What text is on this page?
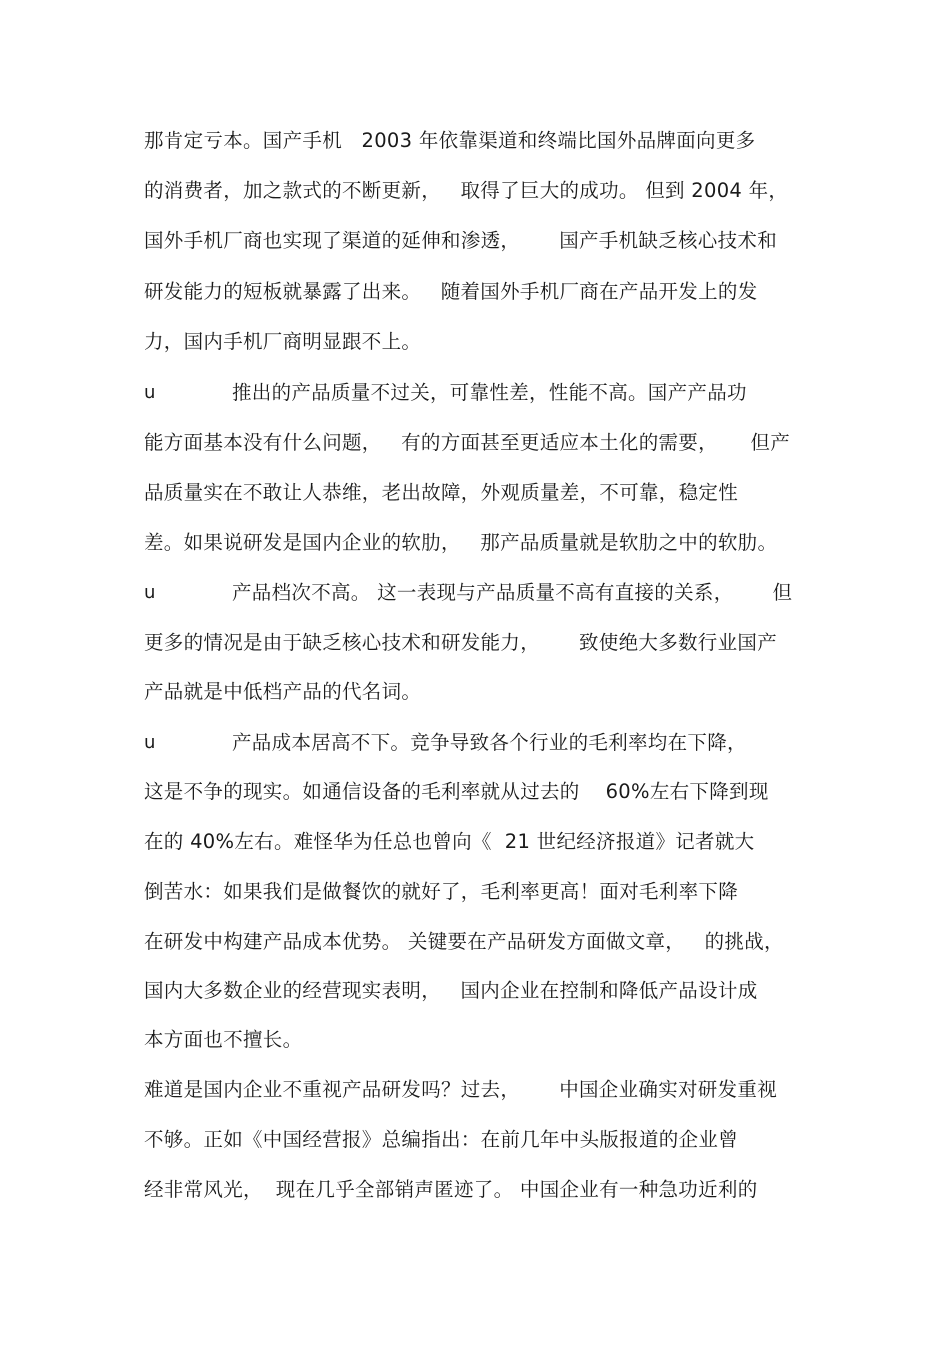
那肯定亏本。国产手机   2003 年依靠渠道和终端比国外品牌面向更多
的消费者，加之款式的不断更新，   取得了巨大的成功。 但到 2004 年，
国外手机厂商也实现了渠道的延伸和渗透，      国产手机缺乏核心技术和
研发能力的短板就暴露了出来。   随着国外手机厂商在产品开发上的发
力，国内手机厂商明显跟不上。
u	推出的产品质量不过关，可靠性差，性能不高。国产产品功
能方面基本没有什么问题，   有的方面甚至更适应本土化的需要，     但产
品质量实在不敢让人恭维，老出故障，外观质量差，不可靠，稳定性
差。如果说研发是国内企业的软肋，   那产品质量就是软肋之中的软肋。
u	产品档次不高。 这一表现与产品质量不高有直接的关系，      但
更多的情况是由于缺乏核心技术和研发能力，      致使绝大多数行业国产
产品就是中低档产品的代名词。
u	产品成本居高不下。竞争导致各个行业的毛利率均在下降，
这是不争的现实。如通信设备的毛利率就从过去的    60%左右下降到现
在的 40%左右。难怪华为任总也曾向《  21 世纪经济报道》记者就大
倒苦水：如果我们是做餐饮的就好了，毛利率更高！面对毛利率下降
在研发中构建产品成本优势。 关键要在产品研发方面做文章，   的挑战，
国内大多数企业的经营现实表明，   国内企业在控制和降低产品设计成
本方面也不擅长。
难道是国内企业不重视产品研发吗？过去，      中国企业确实对研发重视
不够。正如《中国经营报》总编指出：在前几年中头版报道的企业曾
经非常风光，  现在几乎全部销声匿迹了。 中国企业有一种急功近利的
